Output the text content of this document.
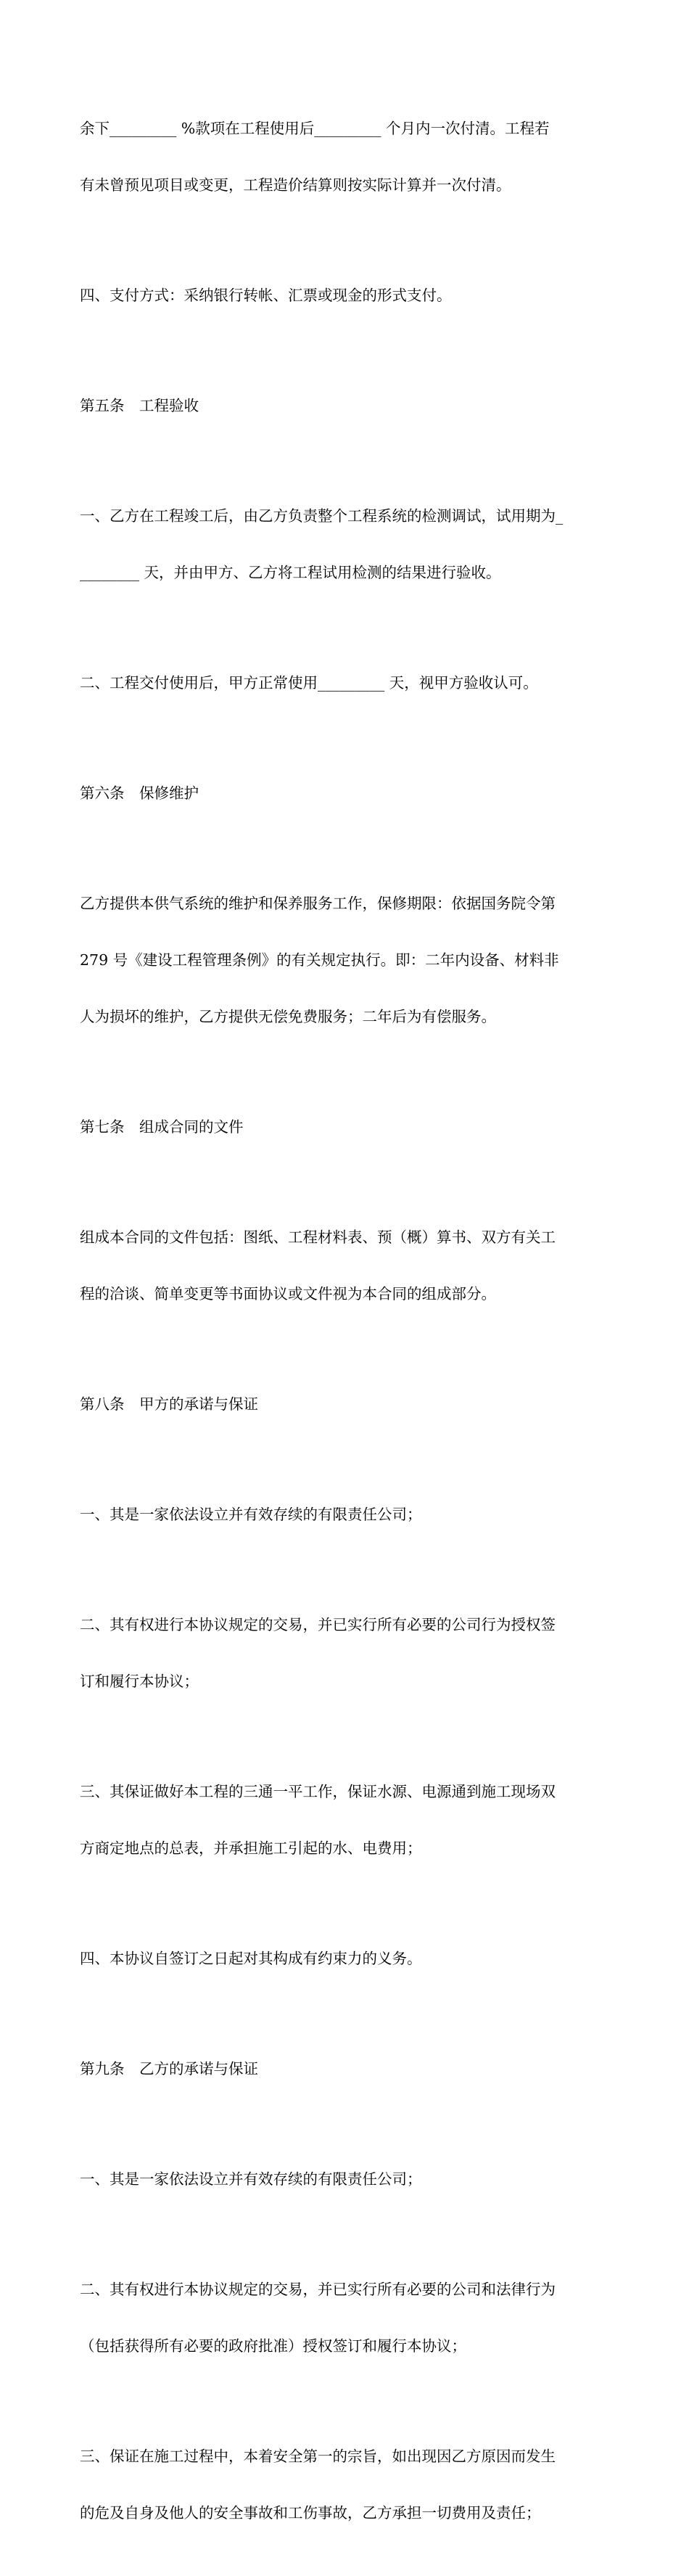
余下_________ %款项在工程使用后_________ 个月内一次付清。工程若

有未曾预见项目或变更，工程造价结算则按实际计算并一次付清。

四、支付方式：采纳银行转帐、汇票或现金的形式支付。

第五条　工程验收

一、乙方在工程竣工后，由乙方负责整个工程系统的检测调试，试用期为_

________ 天，并由甲方、乙方将工程试用检测的结果进行验收。

二、工程交付使用后，甲方正常使用_________ 天，视甲方验收认可。

第六条　保修维护

乙方提供本供气系统的维护和保养服务工作，保修期限：依据国务院令第

279 号《建设工程管理条例》的有关规定执行。即：二年内设备、材料非

人为损坏的维护，乙方提供无偿免费服务；二年后为有偿服务。

第七条　组成合同的文件

组成本合同的文件包括：图纸、工程材料表、预（概）算书、双方有关工

程的洽谈、简单变更等书面协议或文件视为本合同的组成部分。

第八条　甲方的承诺与保证

一、其是一家依法设立并有效存续的有限责任公司；

二、其有权进行本协议规定的交易，并已实行所有必要的公司行为授权签

订和履行本协议；

三、其保证做好本工程的三通一平工作，保证水源、电源通到施工现场双

方商定地点的总表，并承担施工引起的水、电费用；

四、本协议自签订之日起对其构成有约束力的义务。

第九条　乙方的承诺与保证

一、其是一家依法设立并有效存续的有限责任公司；

二、其有权进行本协议规定的交易，并已实行所有必要的公司和法律行为

（包括获得所有必要的政府批准）授权签订和履行本协议；

三、保证在施工过程中，本着安全第一的宗旨，如出现因乙方原因而发生

的危及自身及他人的安全事故和工伤事故，乙方承担一切费用及责任；
